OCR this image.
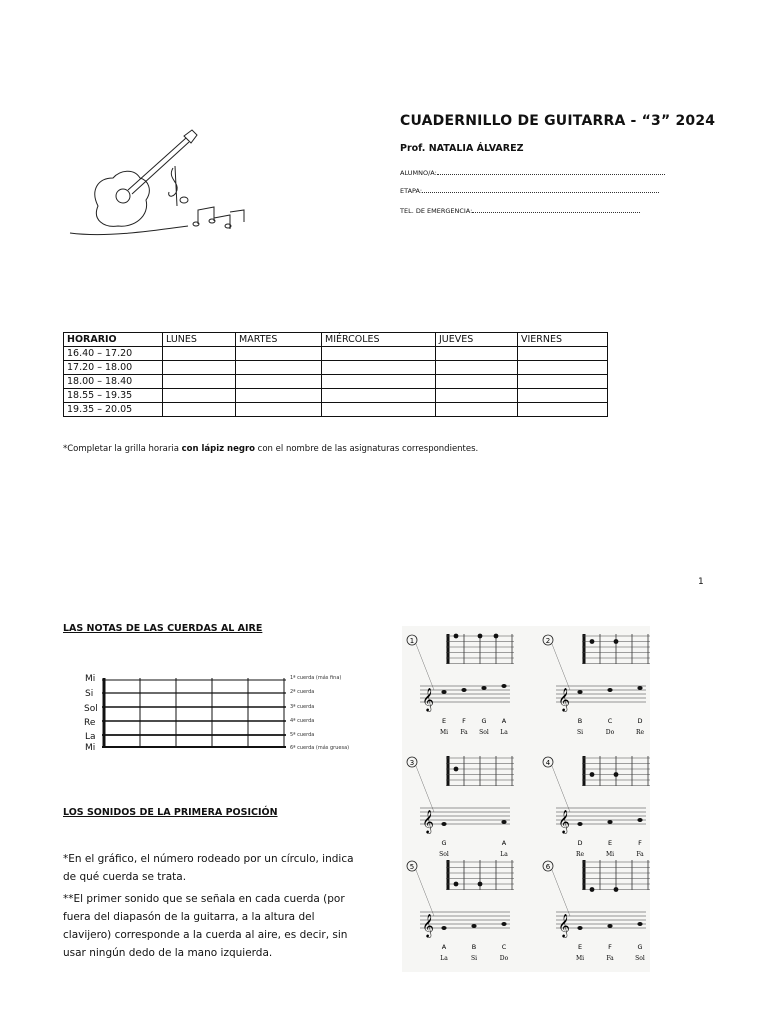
CUADERNILLO DE GUITARRA - “3” 2024
Prof. NATALIA ÁLVAREZ
ALUMNO/A:
ETAPA:
TEL. DE EMERGENCIA:
HORARIO	LUNES	MARTES	MIÉRCOLES	JUEVES	VIERNES
16.40 – 17.20					
17.20 – 18.00					
18.00 – 18.40					
18.55 – 19.35					
19.35 – 20.05					
*Completar la grilla horaria con lápiz negro con el nombre de las asignaturas correspondientes.
1
LAS NOTAS DE LAS CUERDAS AL AIRE
Mi
Si
Sol
Re
La
Mi
1ª cuerda (más fina)
2ª cuerda
3ª cuerda
4ª cuerda
5ª cuerda
6ª cuerda (más gruesa)
LOS SONIDOS DE LA PRIMERA POSICIÓN
*En el gráfico, el número rodeado por un círculo, indica de qué cuerda se trata.
**El primer sonido que se señala en cada cuerda (por fuera del diapasón de la guitarra, a la altura del clavijero) corresponde a la cuerda al aire, es decir, sin usar ningún dedo de la mano izquierda.
1
𝄞
E
Mi
F
Fa
G
Sol
A
La
2
𝄞
B
Si
C
Do
D
Re
3
𝄞
G
Sol
A
La
4
𝄞
D
Re
E
Mi
F
Fa
5
𝄞
A
La
B
Si
C
Do
6
𝄞
E
Mi
F
Fa
G
Sol
